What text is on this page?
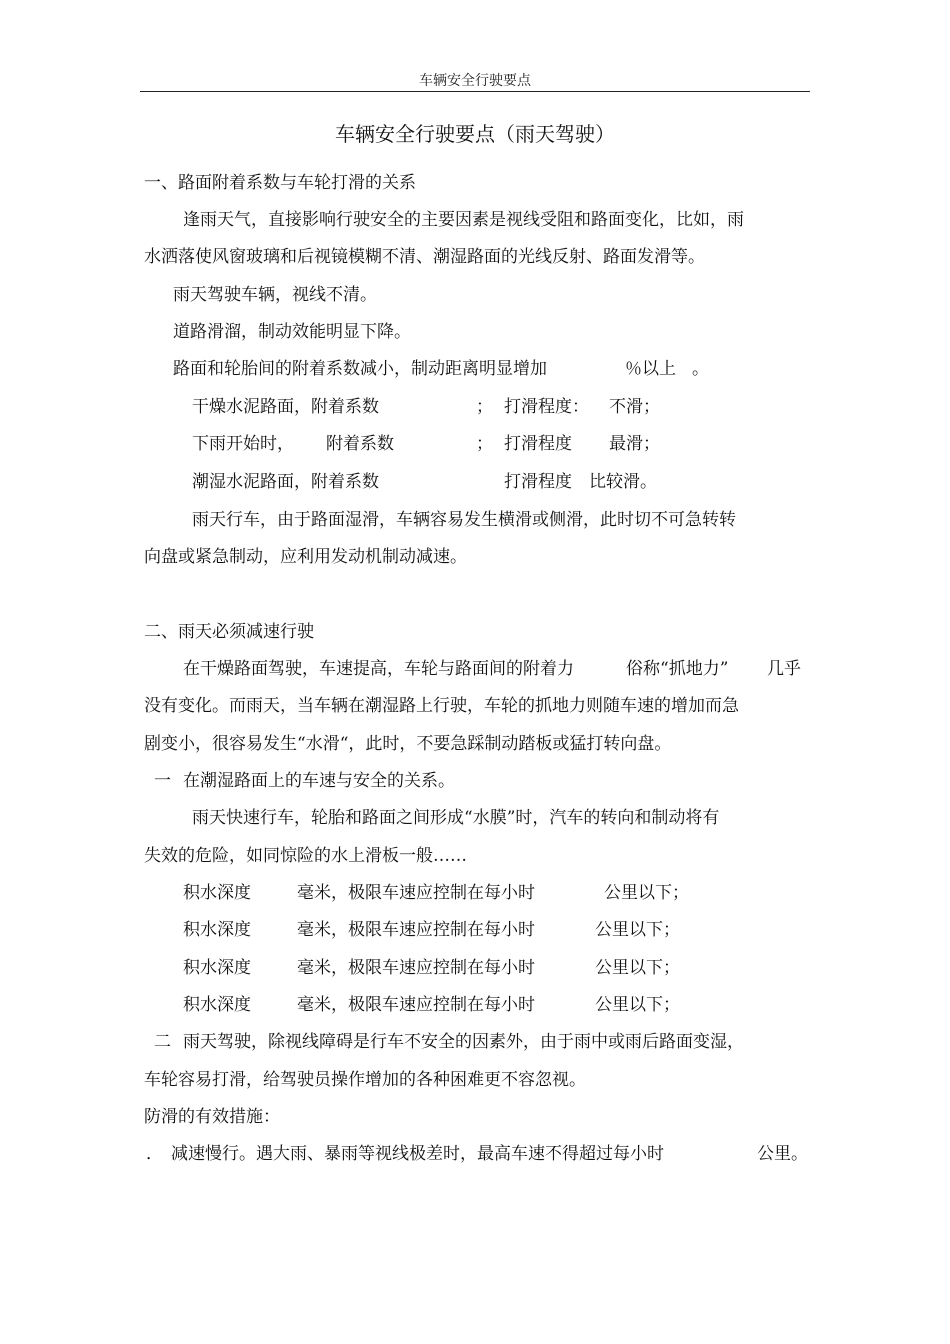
车辆安全行驶要点
.
车辆安全行驶要点（雨天驾驶）
一、路面附着系数与车轮打滑的关系
逢雨天气，直接影响行驶安全的主要因素是视线受阻和路面变化，比如，雨
水洒落使风窗玻璃和后视镜模糊不清、潮湿路面的光线反射、路面发滑等。
雨天驾驶车辆，视线不清。
道路滑溜，制动效能明显下降。
路面和轮胎间的附着系数减小，制动距离明显增加	％以上 。
干燥水泥路面，附着系数	； 打滑程度： 不滑；
下雨开始时， 附着系数	； 打滑程度 最滑；
潮湿水泥路面，附着系数	打滑程度 比较滑。
雨天行车，由于路面湿滑，车辆容易发生横滑或侧滑，此时切不可急转转
向盘或紧急制动，应利用发动机制动减速。
二、雨天必须减速行驶
在干燥路面驾驶，车速提高，车轮与路面间的附着力	俗称“抓地力” 几乎
没有变化。而雨天，当车辆在潮湿路上行驶，车轮的抓地力则随车速的增加而急
剧变小，很容易发生“水滑“，此时，不要急踩制动踏板或猛打转向盘。
一 在潮湿路面上的车速与安全的关系。
雨天快速行车，轮胎和路面之间形成“水膜”时，汽车的转向和制动将有
失效的危险，如同惊险的水上滑板一般……
积水深度	毫米，极限车速应控制在每小时	公里以下；
积水深度	毫米，极限车速应控制在每小时	公里以下；
积水深度	毫米，极限车速应控制在每小时	公里以下；
积水深度	毫米，极限车速应控制在每小时	公里以下；
二 雨天驾驶，除视线障碍是行车不安全的因素外，由于雨中或雨后路面变湿，
车轮容易打滑，给驾驶员操作增加的各种困难更不容忽视。
防滑的有效措施：
． 减速慢行。遇大雨、暴雨等视线极差时，最高车速不得超过每小时	公里。
